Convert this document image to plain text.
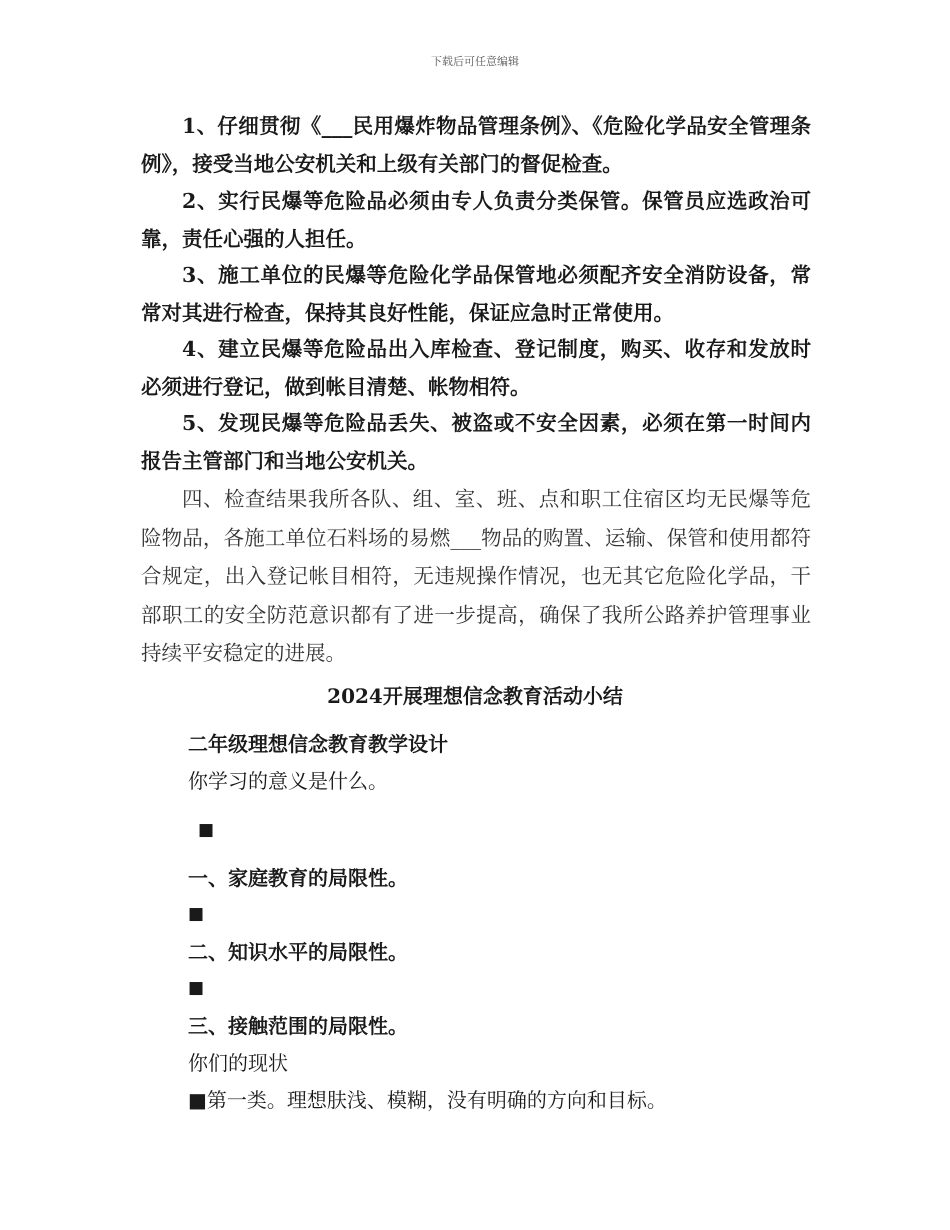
下载后可任意编辑

1、仔细贯彻《___民用爆炸物品管理条例》、《危险化学品安全管理条例》，接受当地公安机关和上级有关部门的督促检查。

2、实行民爆等危险品必须由专人负责分类保管。保管员应选政治可靠，责任心强的人担任。

3、施工单位的民爆等危险化学品保管地必须配齐安全消防设备，常常对其进行检查，保持其良好性能，保证应急时正常使用。

4、建立民爆等危险品出入库检查、登记制度，购买、收存和发放时必须进行登记，做到帐目清楚、帐物相符。

5、发现民爆等危险品丢失、被盗或不安全因素，必须在第一时间内报告主管部门和当地公安机关。

四、检查结果我所各队、组、室、班、点和职工住宿区均无民爆等危险物品，各施工单位石料场的易燃___物品的购置、运输、保管和使用都符合规定，出入登记帐目相符，无违规操作情况，也无其它危险化学品，干部职工的安全防范意识都有了进一步提高，确保了我所公路养护管理事业持续平安稳定的进展。

2024开展理想信念教育活动小结
二年级理想信念教育教学设计
你学习的意义是什么。
■
一、家庭教育的局限性。
■
二、知识水平的局限性。
■
三、接触范围的局限性。
你们的现状
■第一类。理想肤浅、模糊，没有明确的方向和目标。
